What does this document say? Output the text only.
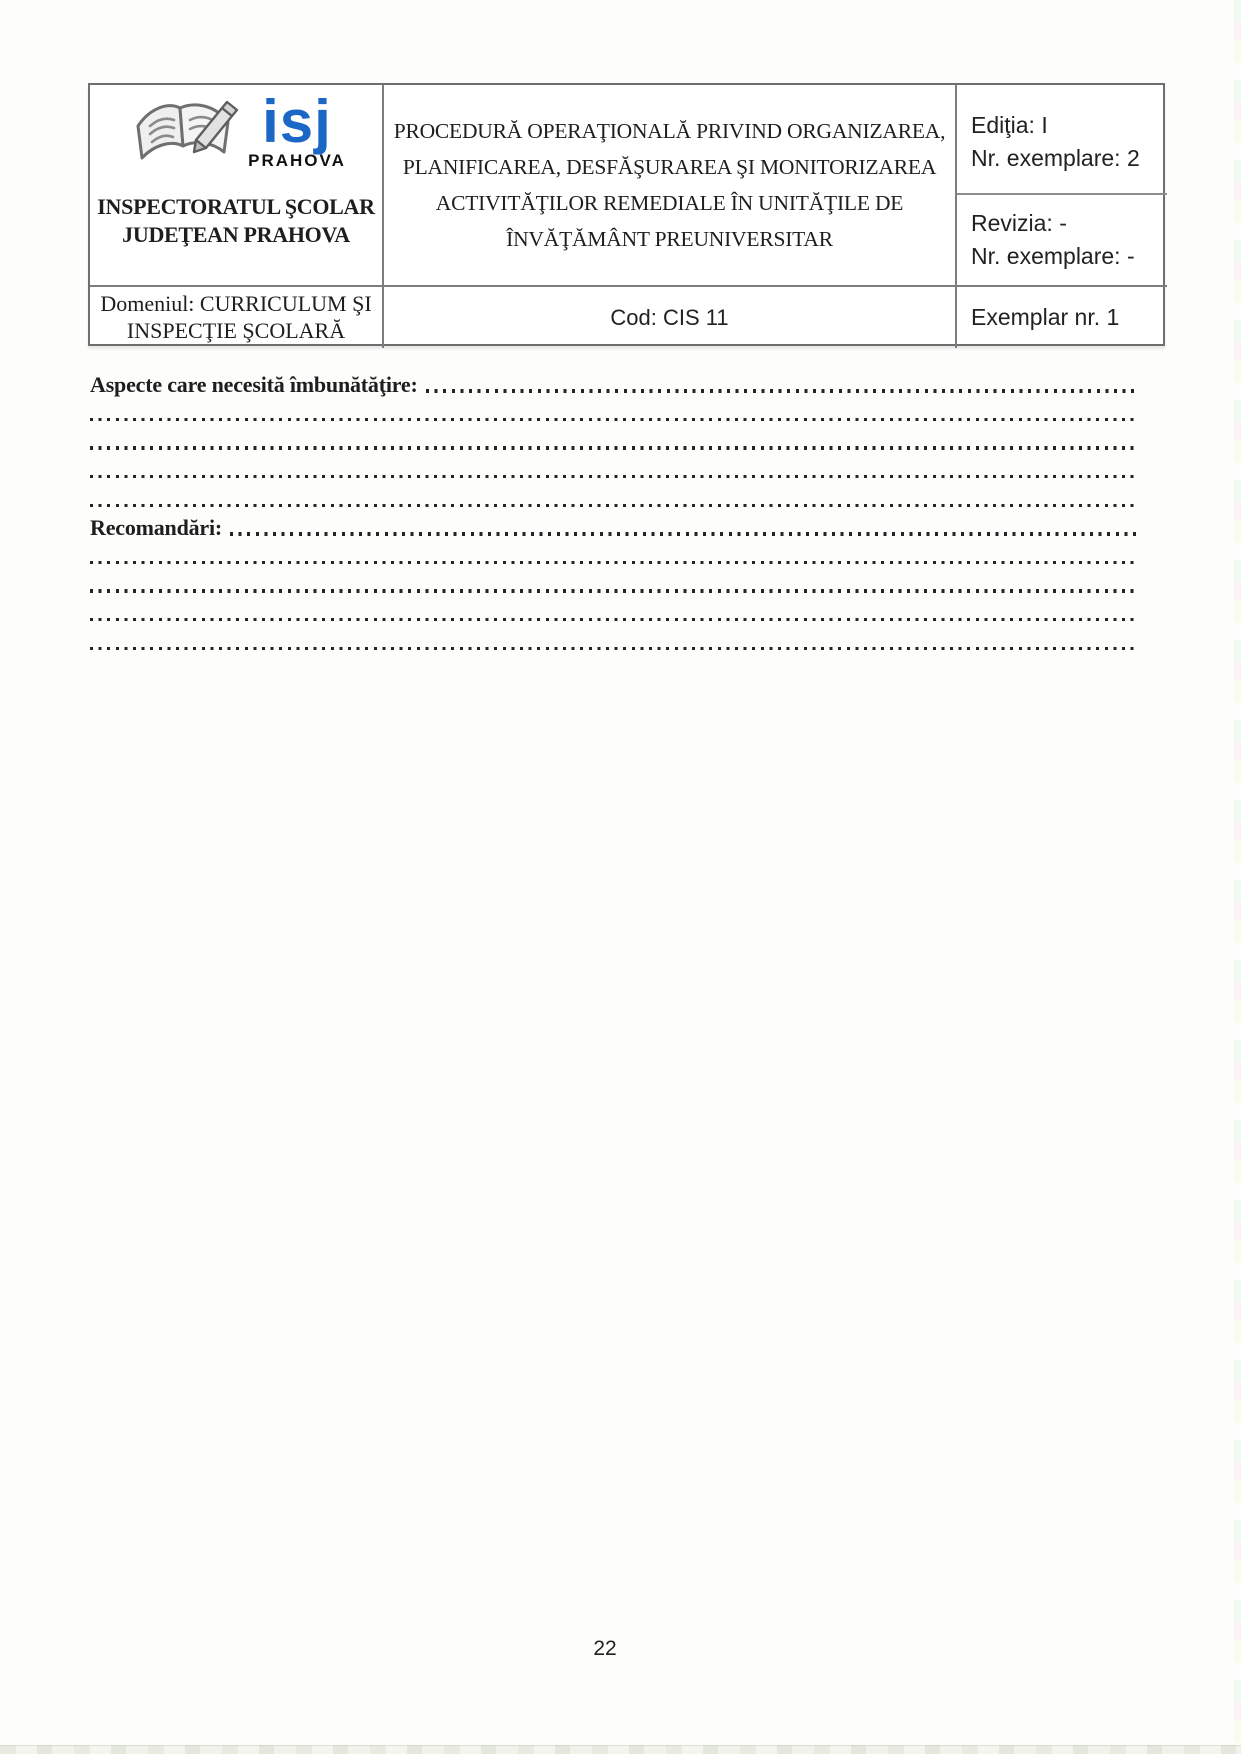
isj
PRAHOVA
INSPECTORATUL ŞCOLAR
JUDEŢEAN PRAHOVA
PROCEDURĂ OPERAŢIONALĂ PRIVIND ORGANIZAREA,
PLANIFICAREA, DESFĂŞURAREA ŞI MONITORIZAREA
ACTIVITĂŢILOR REMEDIALE ÎN UNITĂŢILE DE
ÎNVĂŢĂMÂNT PREUNIVERSITAR
Ediţia: I
Nr. exemplare: 2
Revizia: -
Nr. exemplare: -
Domeniul: CURRICULUM ŞI
INSPECŢIE ŞCOLARĂ
Cod: CIS 11	Exemplar nr. 1
Aspecte care necesită îmbunătăţire:
Recomandări:
22
